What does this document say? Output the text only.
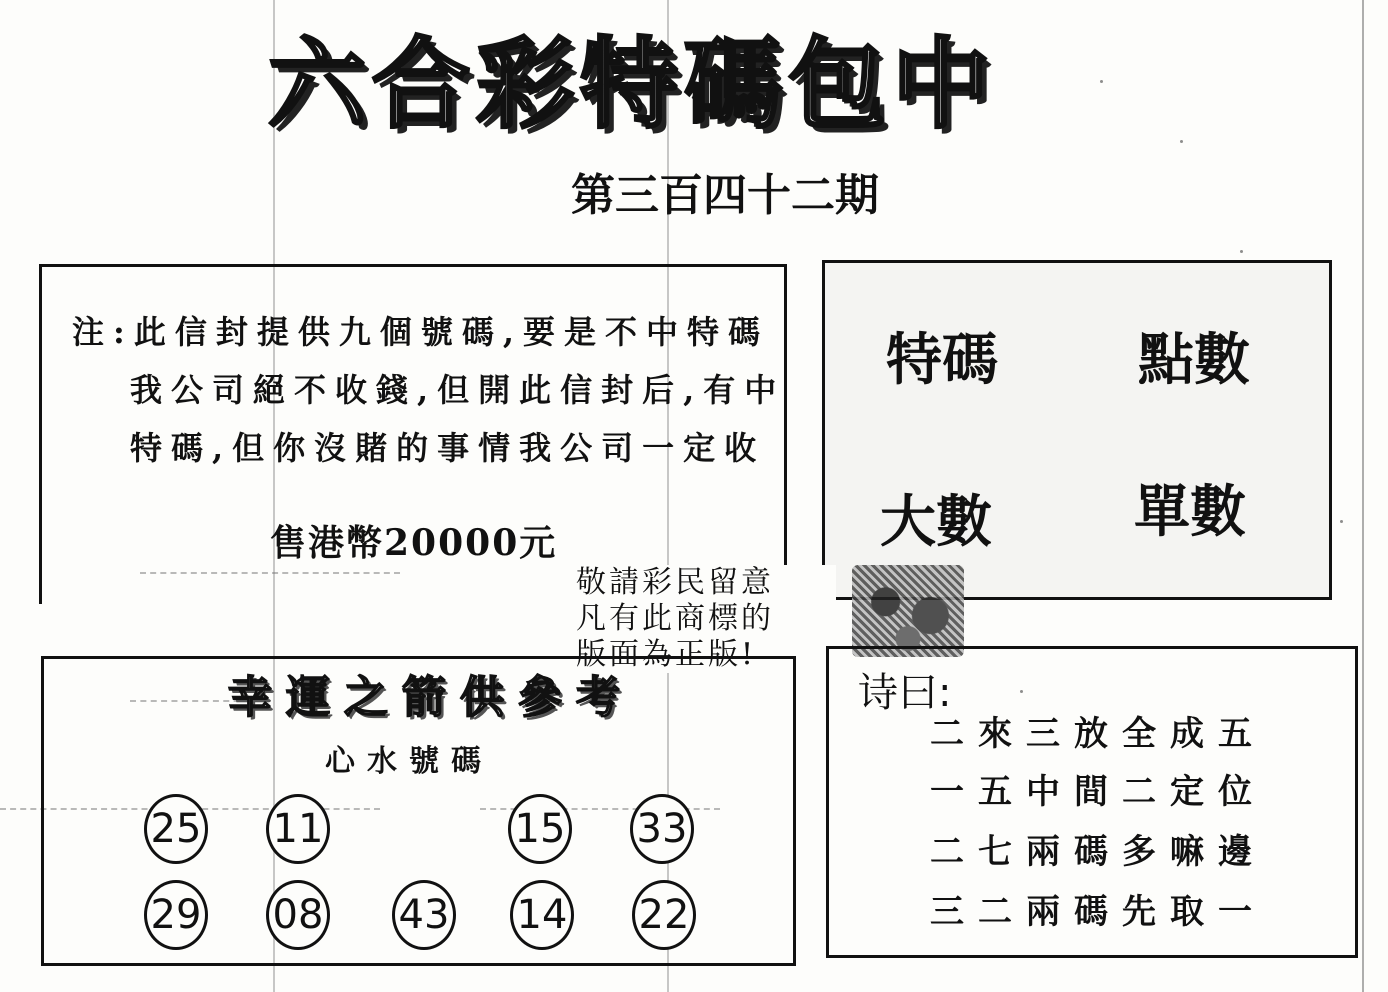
六合彩特碼包中
第三百四十二期
注:此信封提供九個號碼,要是不中特碼
我公司絕不收錢,但開此信封后,有中
特碼,但你沒賭的事情我公司一定收
售港幣20000元
特碼	點數
大數	單數
敬請彩民留意
凡有此商標的
版面為正版!
幸運之箭供參考
心水號碼
25 11	15 33
29 08 43 14 22
诗曰:
二來三放全成五
一五中間二定位
二七兩碼多嘛邊
三二兩碼先取一
